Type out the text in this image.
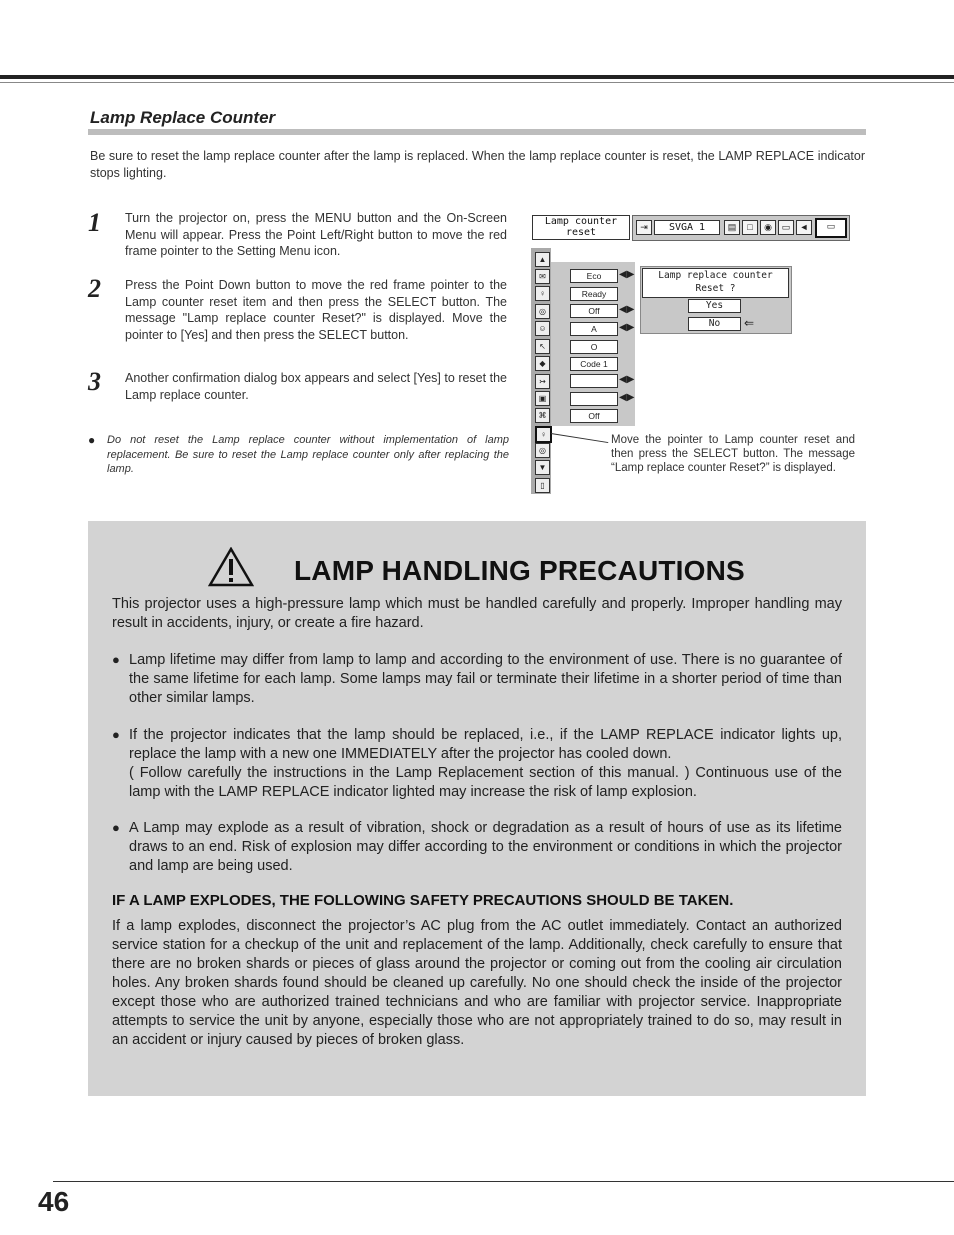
Lamp Replace Counter
Be sure to reset the lamp replace counter after the lamp is replaced. When the lamp replace counter is reset, the LAMP REPLACE indicator stops lighting.
1 Turn the projector on, press the MENU button and the On-Screen Menu will appear. Press the Point Left/Right button to move the red frame pointer to the Setting Menu icon.
2 Press the Point Down button to move the red frame pointer to the Lamp counter reset item and then press the SELECT button. The message "Lamp replace counter Reset?" is displayed. Move the pointer to [Yes] and then press the SELECT button.
3 Another confirmation dialog box appears and select [Yes] to reset the Lamp replace counter.
● Do not reset the Lamp replace counter without implementation of lamp replacement. Be sure to reset the Lamp replace counter only after replacing the lamp.
Lamp counter reset	⇥	SVGA 1	▤	□	◉	▭	◄	▭
▲
✉
♀
◎
☺
↖
◆
↣
▣
⌘
♀
◎
▼
▯
Eco	◀▶
Ready
Off	◀▶
A	◀▶
O
Code 1
◀▶
◀▶
Off
Lamp replace counter Reset ?
Yes
No	⇐
Move the pointer to Lamp counter reset and then press the SELECT button. The message “Lamp replace counter Reset?” is displayed.
LAMP HANDLING PRECAUTIONS
This projector uses a high-pressure lamp which must be handled carefully and properly. Improper handling may result in accidents, injury, or create a fire hazard.
● Lamp lifetime may differ from lamp to lamp and according to the environment of use. There is no guarantee of the same lifetime for each lamp. Some lamps may fail or terminate their lifetime in a shorter period of time than other similar lamps.
● If the projector indicates that the lamp should be replaced, i.e., if the LAMP REPLACE indicator lights up, replace the lamp with a new one IMMEDIATELY after the projector has cooled down.
( Follow carefully the instructions in the Lamp Replacement section of this manual. ) Continuous use of the lamp with the LAMP REPLACE indicator lighted may increase the risk of lamp explosion.
● A Lamp may explode as a result of vibration, shock or degradation as a result of hours of use as its lifetime draws to an end. Risk of explosion may differ according to the environment or conditions in which the projector and lamp are being used.
IF A LAMP EXPLODES, THE FOLLOWING SAFETY PRECAUTIONS SHOULD BE TAKEN.
If a lamp explodes, disconnect the projector’s AC plug from the AC outlet immediately. Contact an authorized service station for a checkup of the unit and replacement of the lamp. Additionally, check carefully to ensure that there are no broken shards or pieces of glass around the projector or coming out from the cooling air circulation holes. Any broken shards found should be cleaned up carefully. No one should check the inside of the projector except those who are authorized trained technicians and who are familiar with projector service. Inappropriate attempts to service the unit by anyone, especially those who are not appropriately trained to do so, may result in an accident or injury caused by pieces of broken glass.
46
